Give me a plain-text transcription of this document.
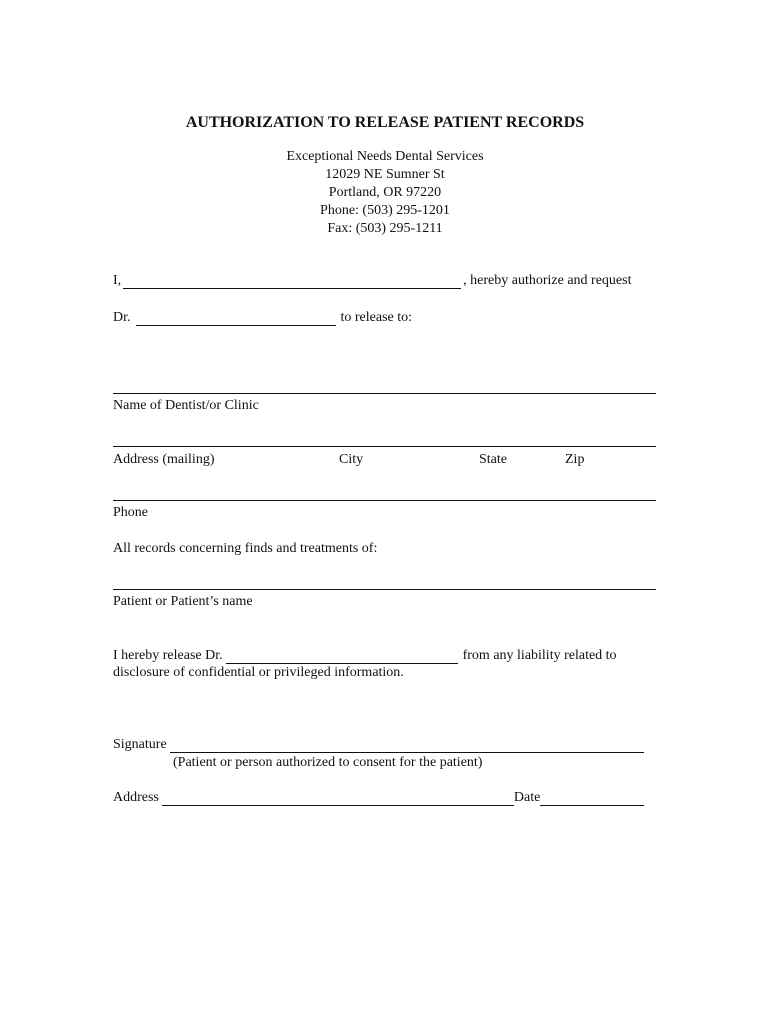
AUTHORIZATION TO RELEASE PATIENT RECORDS
Exceptional Needs Dental Services
12029 NE Sumner St
Portland, OR 97220
Phone: (503) 295-1201
Fax: (503) 295-1211
I,	, hereby authorize and request
Dr.	to release to:
Name of Dentist/or Clinic
Address (mailing)	City	State	Zip
Phone
All records concerning finds and treatments of:
Patient or Patient’s name
I hereby release Dr.	from any liability related to
disclosure of confidential or privileged information.
Signature
(Patient or person authorized to consent for the patient)
Address	Date
